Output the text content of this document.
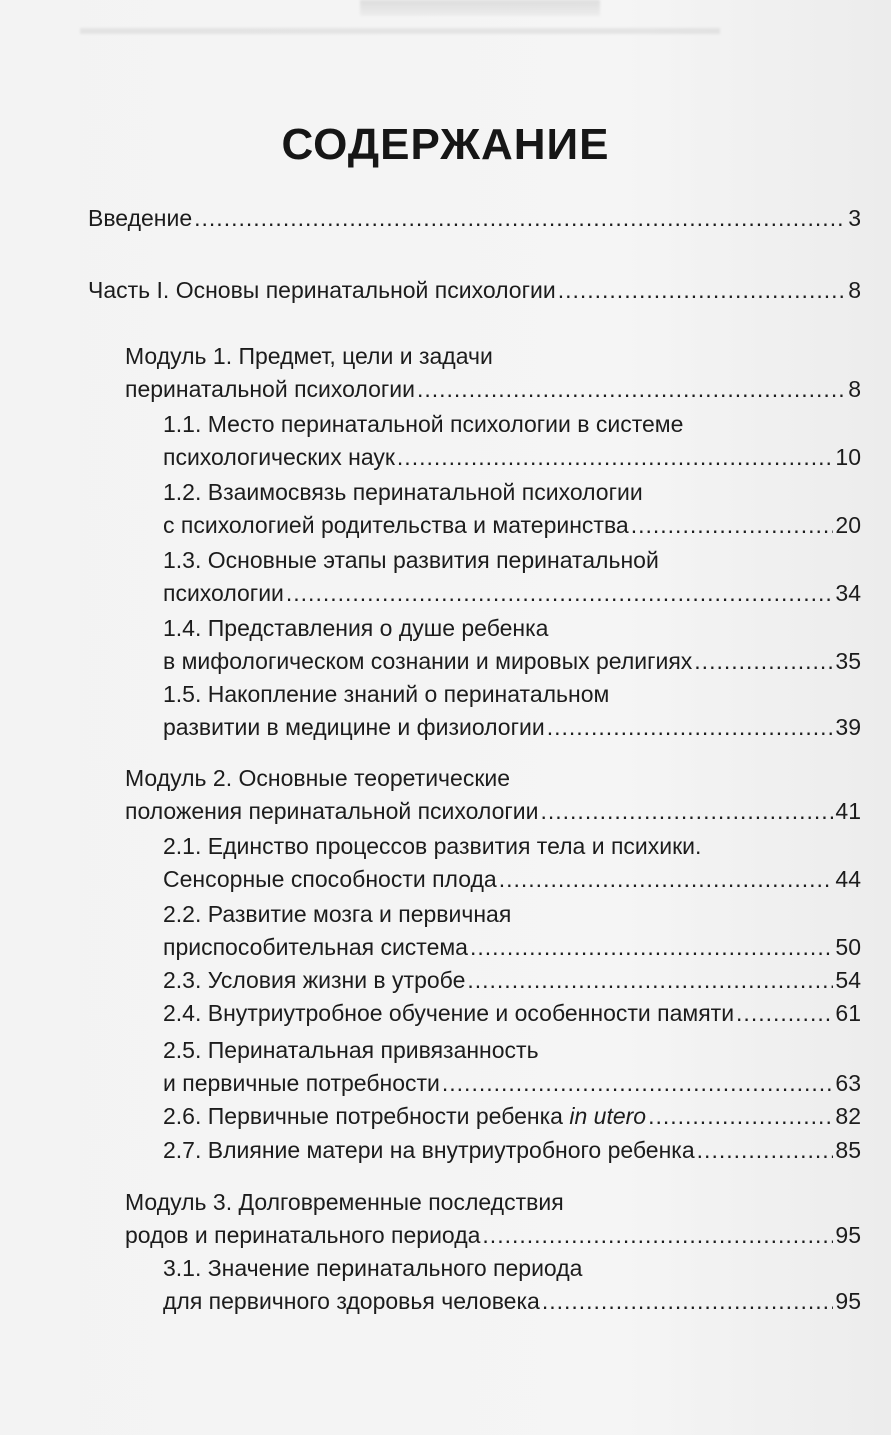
СОДЕРЖАНИЕ
Введение .....	3
Часть I. Основы перинатальной психологии .....	8
Модуль 1. Предмет, цели и задачи
перинатальной психологии .....	8
1.1. Место перинатальной психологии в системе
психологических наук .....	10
1.2. Взаимосвязь перинатальной психологии
с психологией родительства и материнства .....	20
1.3. Основные этапы развития перинатальной
психологии .....	34
1.4. Представления о душе ребенка
в мифологическом сознании и мировых религиях .....	35
1.5. Накопление знаний о перинатальном
развитии в медицине и физиологии .....	39
Модуль 2. Основные теоретические
положения перинатальной психологии .....	41
2.1. Единство процессов развития тела и психики.
Сенсорные способности плода .....	44
2.2. Развитие мозга и первичная
приспособительная система .....	50
2.3. Условия жизни в утробе .....	54
2.4. Внутриутробное обучение и особенности памяти .....	61
2.5. Перинатальная привязанность
и первичные потребности .....	63
2.6. Первичные потребности ребенка in utero .....	82
2.7. Влияние матери на внутриутробного ребенка .....	85
Модуль 3. Долговременные последствия
родов и перинатального периода .....	95
3.1. Значение перинатального периода
для первичного здоровья человека .....	95
